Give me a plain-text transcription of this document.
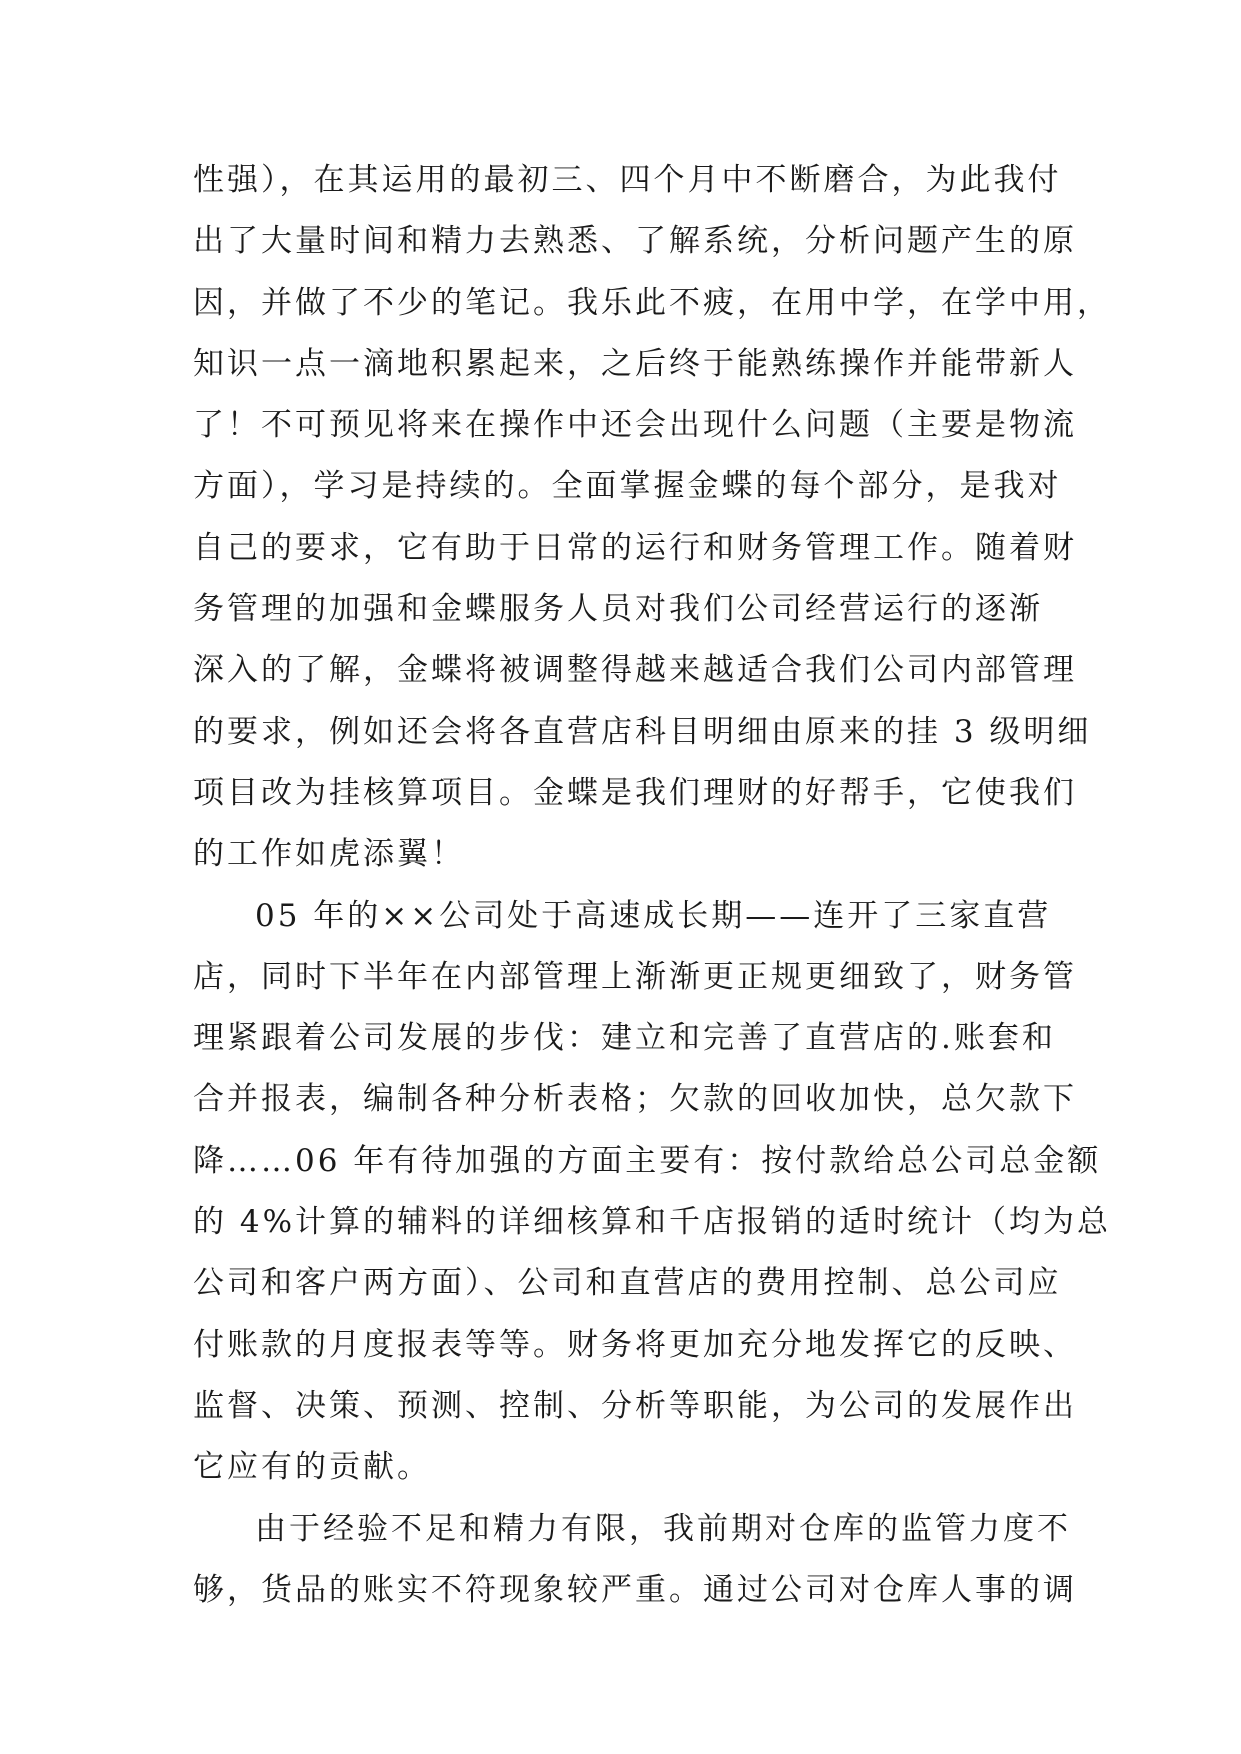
性强），在其运用的最初三、四个月中不断磨合，为此我付
出了大量时间和精力去熟悉、了解系统，分析问题产生的原
因，并做了不少的笔记。我乐此不疲，在用中学，在学中用，
知识一点一滴地积累起来，之后终于能熟练操作并能带新人
了！不可预见将来在操作中还会出现什么问题（主要是物流
方面），学习是持续的。全面掌握金蝶的每个部分，是我对
自己的要求，它有助于日常的运行和财务管理工作。随着财
务管理的加强和金蝶服务人员对我们公司经营运行的逐渐
深入的了解，金蝶将被调整得越来越适合我们公司内部管理
的要求，例如还会将各直营店科目明细由原来的挂 3 级明细
项目改为挂核算项目。金蝶是我们理财的好帮手，它使我们
的工作如虎添翼！
05 年的××公司处于高速成长期——连开了三家直营
店，同时下半年在内部管理上渐渐更正规更细致了，财务管
理紧跟着公司发展的步伐：建立和完善了直营店的.账套和
合并报表，编制各种分析表格；欠款的回收加快，总欠款下
降……06 年有待加强的方面主要有：按付款给总公司总金额
的 4%计算的辅料的详细核算和千店报销的适时统计（均为总
公司和客户两方面）、公司和直营店的费用控制、总公司应
付账款的月度报表等等。财务将更加充分地发挥它的反映、
监督、决策、预测、控制、分析等职能，为公司的发展作出
它应有的贡献。
由于经验不足和精力有限，我前期对仓库的监管力度不
够，货品的账实不符现象较严重。通过公司对仓库人事的调
